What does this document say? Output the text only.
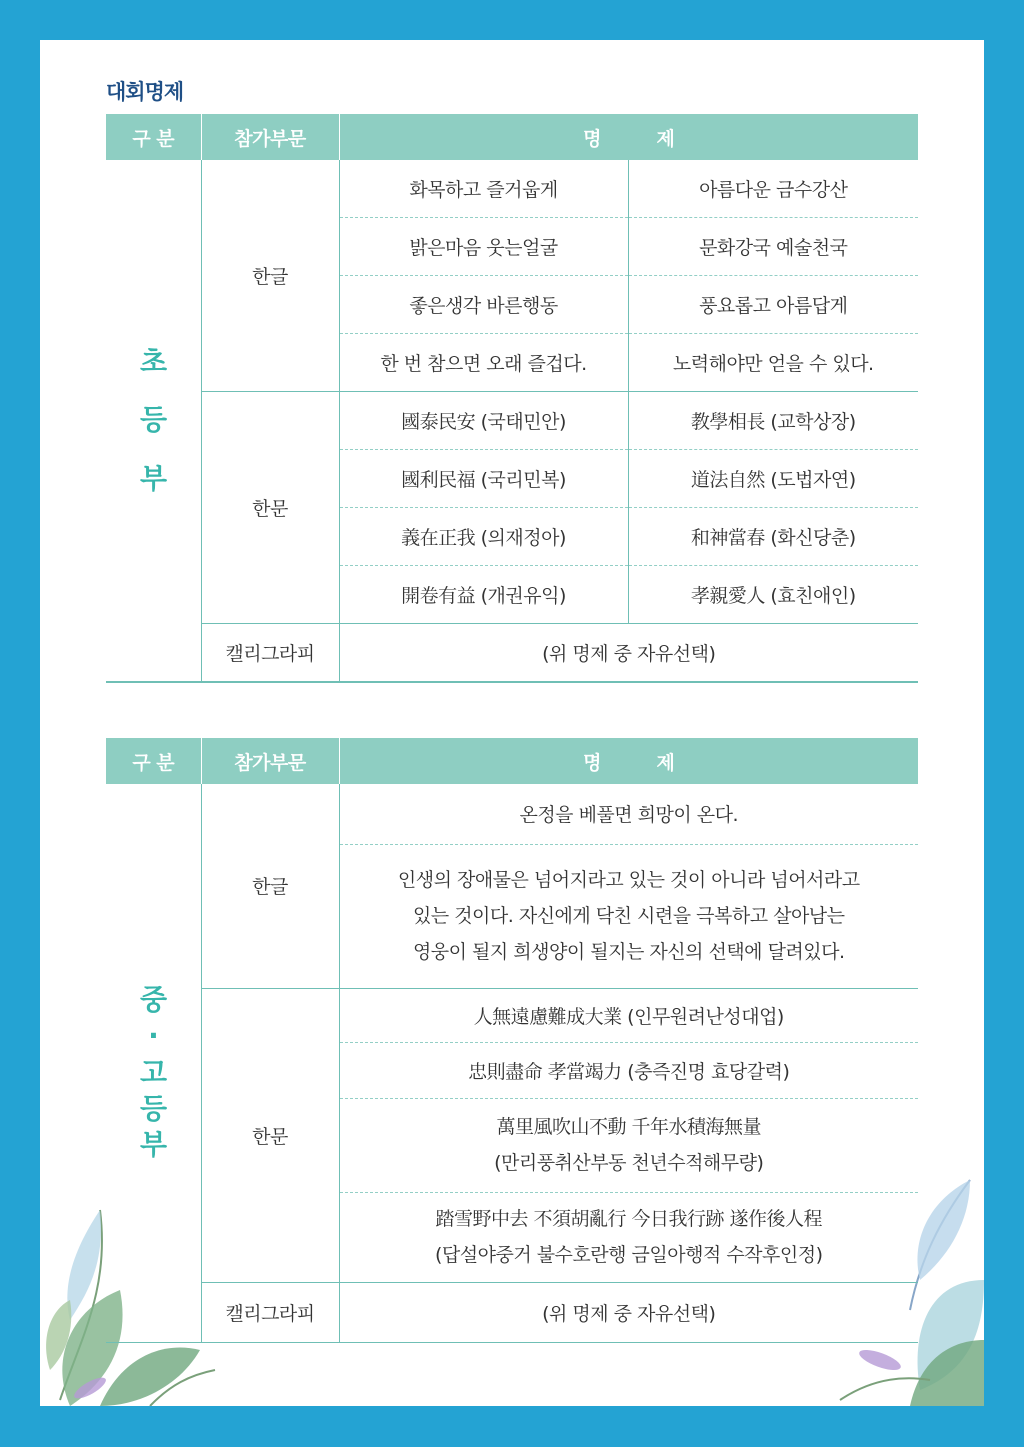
대회명제
구 분	참가부문	명　　　제	

초
등
부	한글	화목하고 즐거웁게	아름다운 금수강산
		밝은마음 웃는얼굴	문화강국 예술천국
		좋은생각 바른행동	풍요롭고 아름답게
		한 번 참으면 오래 즐겁다.	노력해야만 얻을 수 있다.
	한문	國泰民安 (국태민안)	教學相長 (교학상장)
		國利民福 (국리민복)	道法自然 (도법자연)
		義在正我 (의재정아)	和神當春 (화신당춘)
		開卷有益 (개권유익)	孝親愛人 (효친애인)
	캘리그라피	(위 명제 중 자유선택)	
구 분	참가부문	명　　　제

중
·
고
등
부	한글	온정을 베풀면 희망이 온다.

		인생의 장애물은 넘어지라고 있는 것이 아니라 넘어서라고
있는 것이다. 자신에게 닥친 시련을 극복하고 살아남는
영웅이 될지 희생양이 될지는 자신의 선택에 달려있다.

	한문	人無遠慮難成大業 (인무원려난성대업)
		忠則盡命 孝當竭力 (충즉진명 효당갈력)

		萬里風吹山不動 千年水積海無量
(만리풍취산부동 천년수적해무량)

		踏雪野中去 不須胡亂行 今日我行跡 遂作後人程
(답설야중거 불수호란행 금일아행적 수작후인정)

	캘리그라피	(위 명제 중 자유선택)
